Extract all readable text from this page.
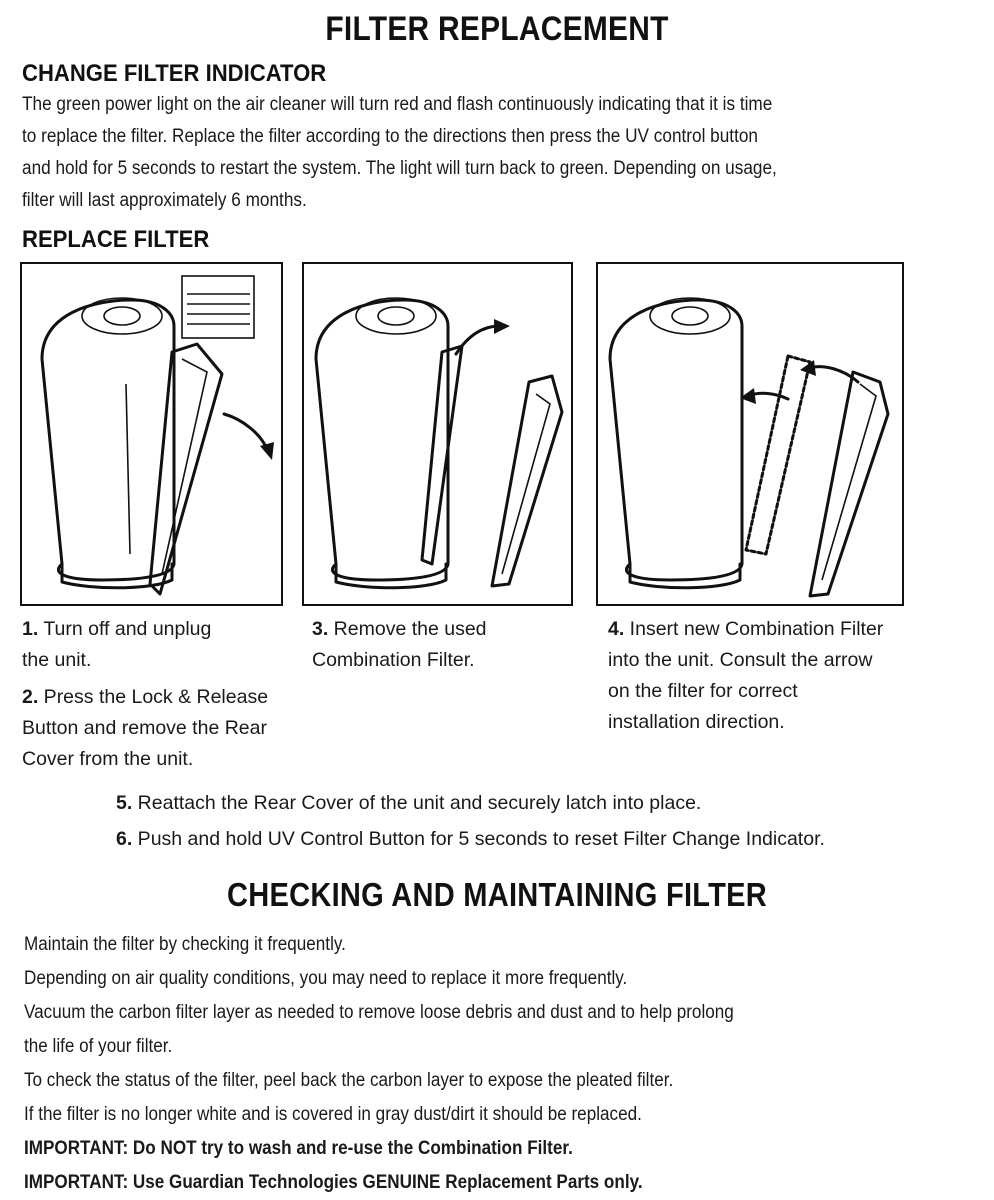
FILTER REPLACEMENT
CHANGE FILTER INDICATOR

The green power light on the air cleaner will turn red and flash continuously indicating that it is time

to replace the filter. Replace the filter according to the directions then press the UV control button

and hold for 5 seconds to restart the system. The light will turn back to green. Depending on usage,

filter will last approximately 6 months.

REPLACE FILTER

1. Turn off and unplug

the unit.

2. Press the Lock & Release

Button and remove the Rear

Cover from the unit.

3. Remove the used

Combination Filter.

4. Insert new Combination Filter

into the unit. Consult the arrow

on the filter for correct

installation direction.

5. Reattach the Rear Cover of the unit and securely latch into place.

6. Push and hold UV Control Button for 5 seconds to reset Filter Change Indicator.

CHECKING AND MAINTAINING FILTER

Maintain the filter by checking it frequently.

Depending on air quality conditions, you may need to replace it more frequently.

Vacuum the carbon filter layer as needed to remove loose debris and dust and to help prolong

the life of your filter.

To check the status of the filter, peel back the carbon layer to expose the pleated filter.

If the filter is no longer white and is covered in gray dust/dirt it should be replaced.

IMPORTANT: Do NOT try to wash and re-use the Combination Filter.

IMPORTANT: Use Guardian Technologies GENUINE Replacement Parts only.
